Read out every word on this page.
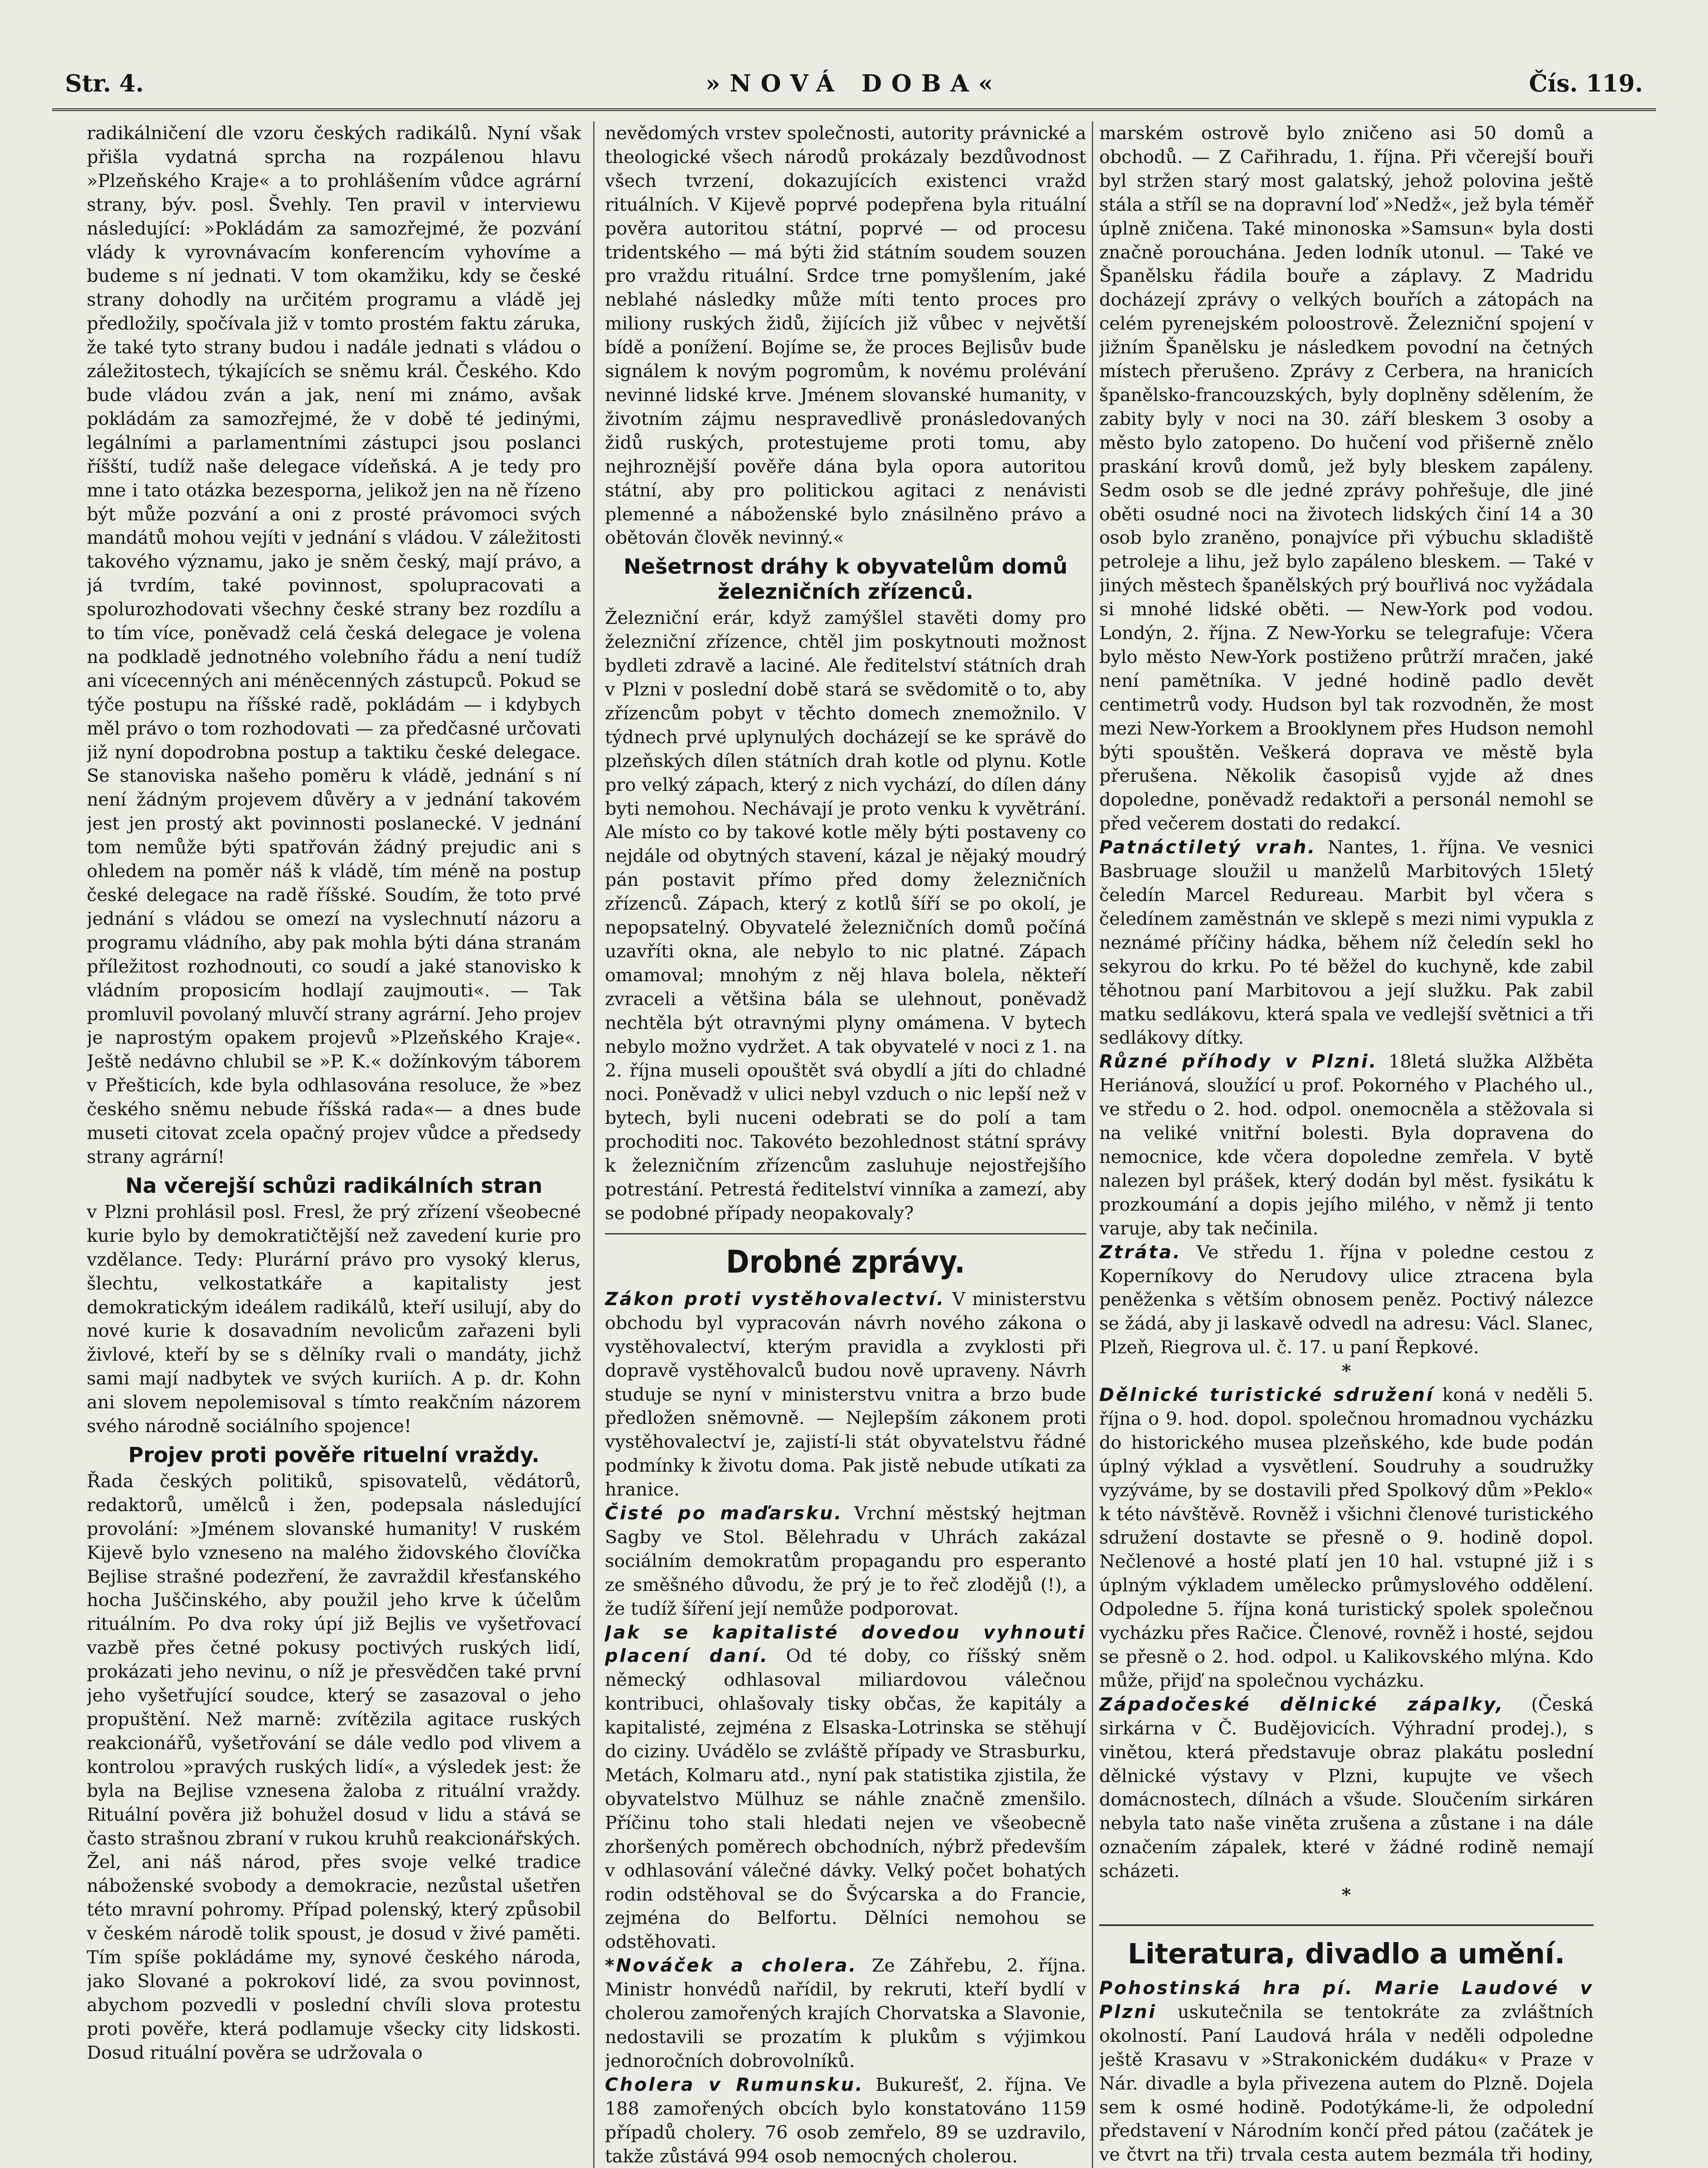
Str. 4.	»NOVÁ DOBA«	Čís. 119.

radikálničení dle vzoru českých radikálů. Nyní však přišla vydatná sprcha na rozpálenou hlavu »Plzeňského Kraje« a to prohlášením vůdce agrární strany, býv. posl. Švehly. Ten pravil v interviewu následující: »Pokládám za samozřejmé, že pozvání vlády k vyrovnávacím konferencím vyhovíme a budeme s ní jednati. V tom okamžiku, kdy se české strany dohodly na určitém programu a vládě jej předložily, spočívala již v tomto prostém faktu záruka, že také tyto strany budou i nadále jednati s vládou o záležitostech, týkajících se sněmu král. Českého. Kdo bude vládou zván a jak, není mi známo, avšak pokládám za samozřejmé, že v době té jedinými, legálními a parlamentními zástupci jsou poslanci říšští, tudíž naše delegace vídeňská. A je tedy pro mne i tato otázka bezesporna, jelikož jen na ně řízeno být může pozvání a oni z prosté právomoci svých mandátů mohou vejíti v jednání s vládou. V záležitosti takového významu, jako je sněm český, mají právo, a já tvrdím, také povinnost, spolupracovati a spolurozhodovati všechny české strany bez rozdílu a to tím více, poněvadž celá česká delegace je volena na podkladě jednotného volebního řádu a není tudíž ani vícecenných ani méněcenných zástupců. Pokud se týče postupu na říšské radě, pokládám — i kdybych měl právo o tom rozhodovati — za předčasné určovati již nyní dopodrobna postup a taktiku české delegace. Se stanoviska našeho poměru k vládě, jednání s ní není žádným projevem důvěry a v jednání takovém jest jen prostý akt povinnosti poslanecké. V jednání tom nemůže býti spatřován žádný prejudic ani s ohledem na poměr náš k vládě, tím méně na postup české delegace na radě říšské. Soudím, že toto prvé jednání s vládou se omezí na vyslechnutí názoru a programu vládního, aby pak mohla býti dána stranám příležitost rozhodnouti, co soudí a jaké stanovisko k vládním proposicím hodlají zaujmouti«. — Tak promluvil povolaný mluvčí strany agrární. Jeho projev je naprostým opakem projevů »Plzeňského Kraje«. Ještě nedávno chlubil se »P. K.« dožínkovým táborem v Přešticích, kde byla odhlasována resoluce, že »bez českého sněmu nebude říšská rada«— a dnes bude museti citovat zcela opačný projev vůdce a předsedy strany agrární!

Na včerejší schůzi radikálních stran

v Plzni prohlásil posl. Fresl, že prý zřízení všeobecné kurie bylo by demokratičtější než zavedení kurie pro vzdělance. Tedy: Plurární právo pro vysoký klerus, šlechtu, velkostatkáře a kapitalisty jest demokratickým ideálem radikálů, kteří usilují, aby do nové kurie k dosavadním nevolicům zařazeni byli živlové, kteří by se s dělníky rvali o mandáty, jichž sami mají nadbytek ve svých kuriích. A p. dr. Kohn ani slovem nepolemisoval s tímto reakčním názorem svého národně sociálního spojence!

Projev proti pověře rituelní vraždy.

Řada českých politiků, spisovatelů, vědátorů, redaktorů, umělců i žen, podepsala následující provolání: »Jménem slovanské humanity! V ruském Kijevě bylo vzneseno na malého židovského človíčka Bejlise strašné podezření, že zavraždil křesťanského hocha Juščinského, aby použil jeho krve k účelům rituálním. Po dva roky úpí již Bejlis ve vyšetřovací vazbě přes četné pokusy poctivých ruských lidí, prokázati jeho nevinu, o níž je přesvědčen také první jeho vyšetřující soudce, který se zasazoval o jeho propuštění. Než marně: zvítězila agitace ruských reakcionářů, vyšetřování se dále vedlo pod vlivem a kontrolou »pravých ruských lidí«, a výsledek jest: že byla na Bejlise vznesena žaloba z rituální vraždy. Rituální pověra již bohužel dosud v lidu a stává se často strašnou zbraní v rukou kruhů reakcionářských. Žel, ani náš národ, přes svoje velké tradice náboženské svobody a demokracie, nezůstal ušetřen této mravní pohromy. Případ polenský, který způsobil v českém národě tolik spoust, je dosud v živé paměti. Tím spíše pokládáme my, synové českého národa, jako Slované a pokrokoví lidé, za svou povinnost, abychom pozvedli v poslední chvíli slova protestu proti pověře, která podlamuje všecky city lidskosti. Dosud rituální pověra se udržovala o

nevědomých vrstev společnosti, autority právnické a theologické všech národů prokázaly bezdůvodnost všech tvrzení, dokazujících existenci vražd rituálních. V Kijevě poprvé podepřena byla rituální pověra autoritou státní, poprvé — od procesu tridentského — má býti žid státním soudem souzen pro vraždu rituální. Srdce trne pomyšlením, jaké neblahé následky může míti tento proces pro miliony ruských židů, žijících již vůbec v největší bídě a ponížení. Bojíme se, že proces Bejlisův bude signálem k novým pogromům, k novému prolévání nevinné lidské krve. Jménem slovanské humanity, v životním zájmu nespravedlivě pronásledovaných židů ruských, protestujeme proti tomu, aby nejhroznější pověře dána byla opora autoritou státní, aby pro politickou agitaci z nenávisti plemenné a náboženské bylo znásilněno právo a obětován člověk nevinný.«

Nešetrnost dráhy k obyvatelům domů železničních zřízenců.

Železniční erár, když zamýšlel stavěti domy pro železniční zřízence, chtěl jim poskytnouti možnost bydleti zdravě a laciné. Ale ředitelství státních drah v Plzni v poslední době stará se svědomitě o to, aby zřízencům pobyt v těchto domech znemožnilo. V týdnech prvé uplynulých docházejí se ke správě do plzeňských dílen státních drah kotle od plynu. Kotle pro velký zápach, který z nich vychází, do dílen dány byti nemohou. Nechávají je proto venku k vyvětrání. Ale místo co by takové kotle měly býti postaveny co nejdále od obytných stavení, kázal je nějaký moudrý pán postavit přímo před domy železničních zřízenců. Zápach, který z kotlů šíří se po okolí, je nepopsatelný. Obyvatelé železničních domů počíná uzavříti okna, ale nebylo to nic platné. Zápach omamoval; mnohým z něj hlava bolela, někteří zvraceli a většina bála se ulehnout, poněvadž nechtěla být otravnými plyny omámena. V bytech nebylo možno vydržet. A tak obyvatelé v noci z 1. na 2. října museli opouštět svá obydlí a jíti do chladné noci. Poněvadž v ulici nebyl vzduch o nic lepší než v bytech, byli nuceni odebrati se do polí a tam prochoditi noc. Takovéto bezohlednost státní správy k železničním zřízencům zasluhuje nejostřejšího potrestání. Petrestá ředitelství vinníka a zamezí, aby se podobné případy neopakovaly?

Drobné zprávy.

Zákon proti vystěhovalectví. V ministerstvu obchodu byl vypracován návrh nového zákona o vystěhovalectví, kterým pravidla a zvyklosti při dopravě vystěhovalců budou nově upraveny. Návrh studuje se nyní v ministerstvu vnitra a brzo bude předložen sněmovně. — Nejlepším zákonem proti vystěhovalectví je, zajistí-li stát obyvatelstvu řádné podmínky k životu doma. Pak jistě nebude utíkati za hranice.

Čisté po maďarsku. Vrchní městský hejtman Sagby ve Stol. Bělehradu v Uhrách zakázal sociálním demokratům propagandu pro esperanto ze směšného důvodu, že prý je to řeč zlodějů (!), a že tudíž šíření její nemůže podporovat.

Jak se kapitalisté dovedou vyhnouti placení daní. Od té doby, co říšský sněm německý odhlasoval miliardovou válečnou kontribuci, ohlašovaly tisky občas, že kapitály a kapitalisté, zejména z Elsaska-Lotrinska se stěhují do ciziny. Uvádělo se zvláště případy ve Strasburku, Metách, Kolmaru atd., nyní pak statistika zjistila, že obyvatelstvo Mülhuz se náhle značně zmenšilo. Příčinu toho stali hledati nejen ve všeobecně zhoršených poměrech obchodních, nýbrž především v odhlasování válečné dávky. Velký počet bohatých rodin odstěhoval se do Švýcarska a do Francie, zejména do Belfortu. Dělníci nemohou se odstěhovati.

*Nováček a cholera. Ze Záhřebu, 2. října. Ministr honvédů nařídil, by rekruti, kteří bydlí v cholerou zamořených krajích Chorvatska a Slavonie, nedostavili se prozatím k plukům s výjimkou jednoročních dobrovolníků.

Cholera v Rumunsku. Bukurešť, 2. října. Ve 188 zamořených obcích bylo konstatováno 1159 případů cholery. 76 osob zemřelo, 89 se uzdravilo, takže zůstává 994 osob nemocných cholerou.

marském ostrově bylo zničeno asi 50 domů a obchodů. — Z Cařihradu, 1. října. Při včerejší bouři byl stržen starý most galatský, jehož polovina ještě stála a stříl se na dopravní loď »Nedž«, jež byla téměř úplně zničena. Také minonoska »Samsun« byla dosti značně porouchána. Jeden lodník utonul. — Také ve Španělsku řádila bouře a záplavy. Z Madridu docházejí zprávy o velkých bouřích a zátopách na celém pyrenejském poloostrově. Železniční spojení v jižním Španělsku je následkem povodní na četných místech přerušeno. Zprávy z Cerbera, na hranicích španělsko-francouzských, byly doplněny sdělením, že zabity byly v noci na 30. září bleskem 3 osoby a město bylo zatopeno. Do hučení vod přišerně znělo praskání krovů domů, jež byly bleskem zapáleny. Sedm osob se dle jedné zprávy pohřešuje, dle jiné oběti osudné noci na životech lidských činí 14 a 30 osob bylo zraněno, ponajvíce při výbuchu skladiště petroleje a lihu, jež bylo zapáleno bleskem. — Také v jiných městech španělských prý bouřlivá noc vyžádala si mnohé lidské oběti. — New-York pod vodou. Londýn, 2. října. Z New-Yorku se telegrafuje: Včera bylo město New-York postiženo průtrží mračen, jaké není pamětníka. V jedné hodině padlo devět centimetrů vody. Hudson byl tak rozvodněn, že most mezi New-Yorkem a Brooklynem přes Hudson nemohl býti spouštěn. Veškerá doprava ve městě byla přerušena. Několik časopisů vyjde až dnes dopoledne, poněvadž redaktoři a personál nemohl se před večerem dostati do redakcí.

Patnáctiletý vrah. Nantes, 1. října. Ve vesnici Basbruage sloužil u manželů Marbitových 15letý čeledín Marcel Redureau. Marbit byl včera s čeledínem zaměstnán ve sklepě s mezi nimi vypukla z neznámé příčiny hádka, během níž čeledín sekl ho sekyrou do krku. Po té běžel do kuchyně, kde zabil těhotnou paní Marbitovou a její služku. Pak zabil matku sedlákovu, která spala ve vedlejší světnici a tři sedlákovy dítky.

Různé příhody v Plzni. 18letá služka Alžběta Heriánová, sloužící u prof. Pokorného v Plachého ul., ve středu o 2. hod. odpol. onemocněla a stěžovala si na veliké vnitřní bolesti. Byla dopravena do nemocnice, kde včera dopoledne zemřela. V bytě nalezen byl prášek, který dodán byl měst. fysikátu k prozkoumání a dopis jejího milého, v němž ji tento varuje, aby tak nečinila.

Ztráta. Ve středu 1. října v poledne cestou z Koperníkovy do Nerudovy ulice ztracena byla peněženka s větším obnosem peněz. Poctivý nálezce se žádá, aby ji laskavě odvedl na adresu: Václ. Slanec, Plzeň, Riegrova ul. č. 17. u paní Řepkové.

*

Dělnické turistické sdružení koná v neděli 5. října o 9. hod. dopol. společnou hromadnou vycházku do historického musea plzeňského, kde bude podán úplný výklad a vysvětlení. Soudruhy a soudružky vyzýváme, by se dostavili před Spolkový dům »Peklo« k této návštěvě. Rovněž i všichni členové turistického sdružení dostavte se přesně o 9. hodině dopol. Nečlenové a hosté platí jen 10 hal. vstupné již i s úplným výkladem umělecko průmyslového oddělení. Odpoledne 5. října koná turistický spolek společnou vycházku přes Račice. Členové, rovněž i hosté, sejdou se přesně o 2. hod. odpol. u Kalikovského mlýna. Kdo může, přijď na společnou vycházku.

Západočeské dělnické zápalky, (Česká sirkárna v Č. Budějovicích. Výhradní prodej.), s vinětou, která představuje obraz plakátu poslední dělnické výstavy v Plzni, kupujte ve všech domácnostech, dílnách a všude. Sloučením sirkáren nebyla tato naše viněta zrušena a zůstane i na dále označením zápalek, které v žádné rodině nemají scházeti.

*

Literatura, divadlo a umění.

Pohostinská hra pí. Marie Laudové v Plzni uskutečnila se tentokráte za zvláštních okolností. Paní Laudová hrála v neděli odpoledne ještě Krasavu v »Strakonickém dudáku« v Praze v Nár. divadle a byla přivezena autem do Plzně. Dojela sem k osmé hodině. Podotýkáme-li, že odpolední představení v Národním končí před pátou (začátek je ve čtvrt na tři) trvala cesta autem bezmála tři hodiny,
